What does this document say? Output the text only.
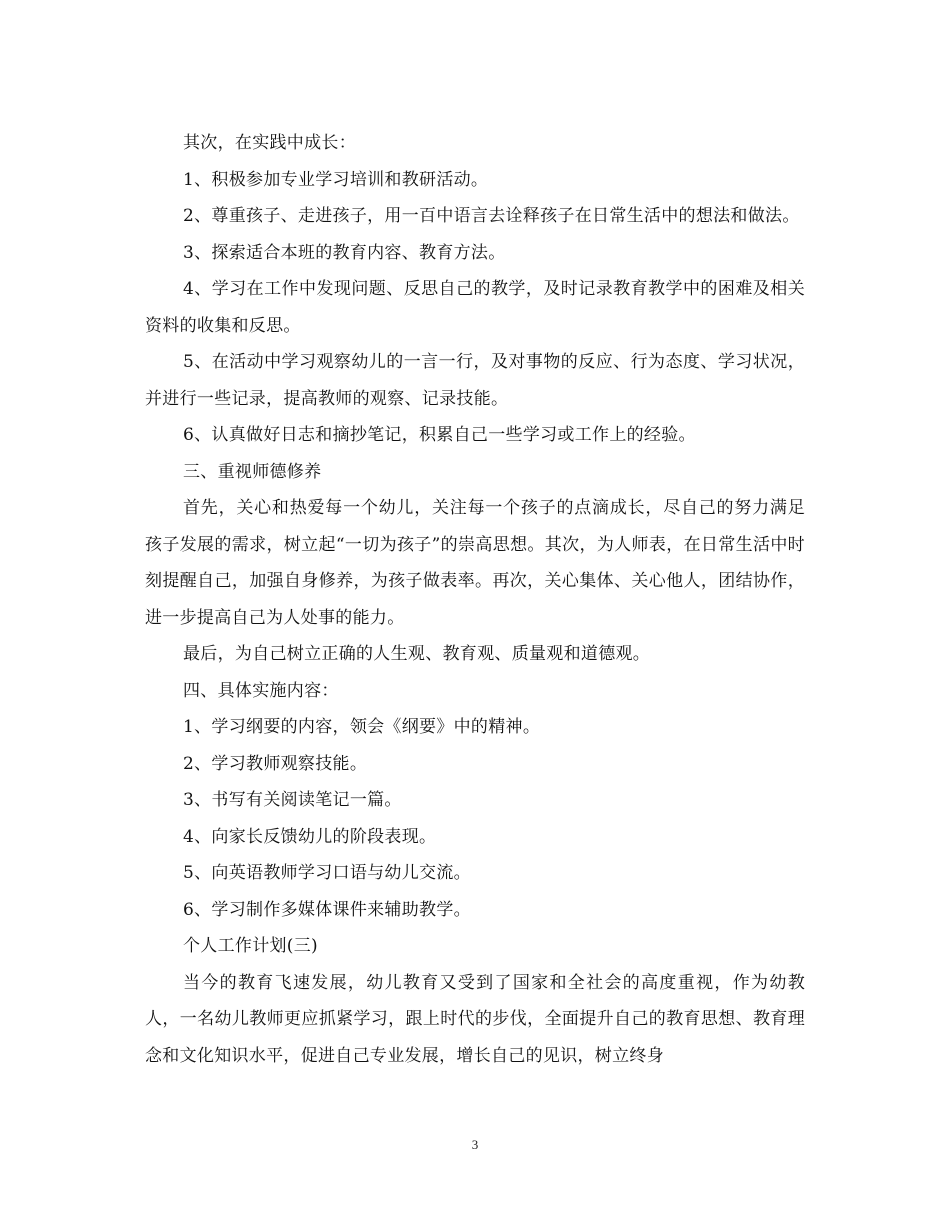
其次，在实践中成长：

1、积极参加专业学习培训和教研活动。

2、尊重孩子、走进孩子，用一百中语言去诠释孩子在日常生活中的想法和做法。

3、探索适合本班的教育内容、教育方法。

4、学习在工作中发现问题、反思自己的教学，及时记录教育教学中的困难及相关资料的收集和反思。

5、在活动中学习观察幼儿的一言一行，及对事物的反应、行为态度、学习状况，并进行一些记录，提高教师的观察、记录技能。

6、认真做好日志和摘抄笔记，积累自己一些学习或工作上的经验。

三、重视师德修养

首先，关心和热爱每一个幼儿，关注每一个孩子的点滴成长，尽自己的努力满足孩子发展的需求，树立起“一切为孩子”的崇高思想。其次，为人师表，在日常生活中时刻提醒自己，加强自身修养，为孩子做表率。再次，关心集体、关心他人，团结协作，进一步提高自己为人处事的能力。

最后，为自己树立正确的人生观、教育观、质量观和道德观。

四、具体实施内容：

1、学习纲要的内容，领会《纲要》中的精神。

2、学习教师观察技能。

3、书写有关阅读笔记一篇。

4、向家长反馈幼儿的阶段表现。

5、向英语教师学习口语与幼儿交流。

6、学习制作多媒体课件来辅助教学。

个人工作计划(三)

当今的教育飞速发展，幼儿教育又受到了国家和全社会的高度重视，作为幼教人，一名幼儿教师更应抓紧学习，跟上时代的步伐，全面提升自己的教育思想、教育理念和文化知识水平，促进自己专业发展，增长自己的见识，树立终身

3
